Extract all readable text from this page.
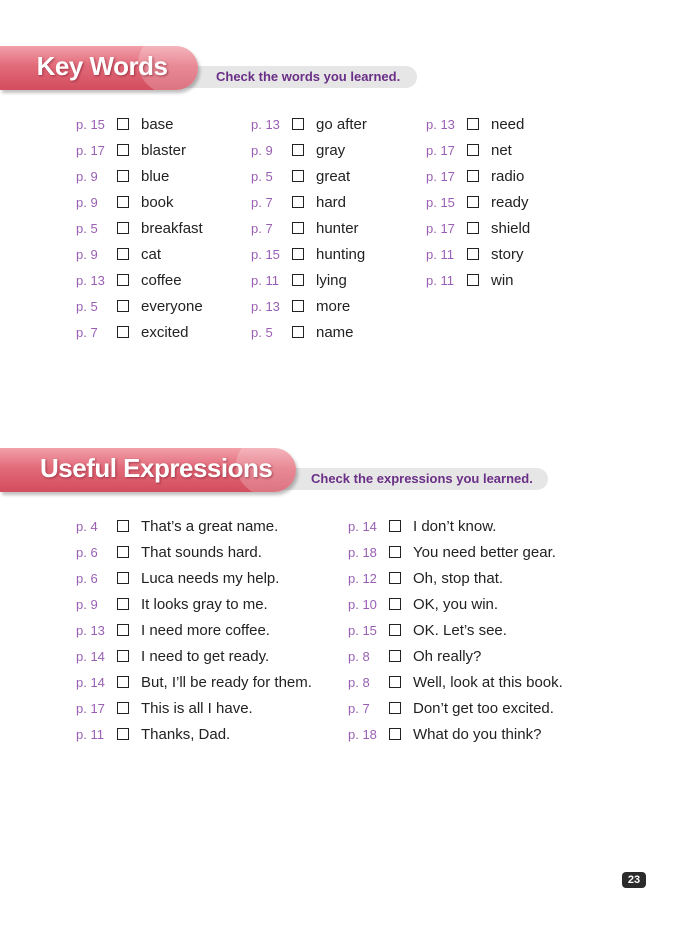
Check the words you learned.
Key Words
p. 15	base
p. 17	blaster
p. 9	blue
p. 9	book
p. 5	breakfast
p. 9	cat
p. 13	coffee
p. 5	everyone
p. 7	excited
p. 13	go after
p. 9	gray
p. 5	great
p. 7	hard
p. 7	hunter
p. 15	hunting
p. 11	lying
p. 13	more
p. 5	name
p. 13	need
p. 17	net
p. 17	radio
p. 15	ready
p. 17	shield
p. 11	story
p. 11	win
Check the expressions you learned.
Useful Expressions
p. 4	That’s a great name.
p. 6	That sounds hard.
p. 6	Luca needs my help.
p. 9	It looks gray to me.
p. 13	I need more coffee.
p. 14	I need to get ready.
p. 14	But, I’ll be ready for them.
p. 17	This is all I have.
p. 11	Thanks, Dad.
p. 14	I don’t know.
p. 18	You need better gear.
p. 12	Oh, stop that.
p. 10	OK, you win.
p. 15	OK. Let’s see.
p. 8	Oh really?
p. 8	Well, look at this book.
p. 7	Don’t get too excited.
p. 18	What do you think?
23
